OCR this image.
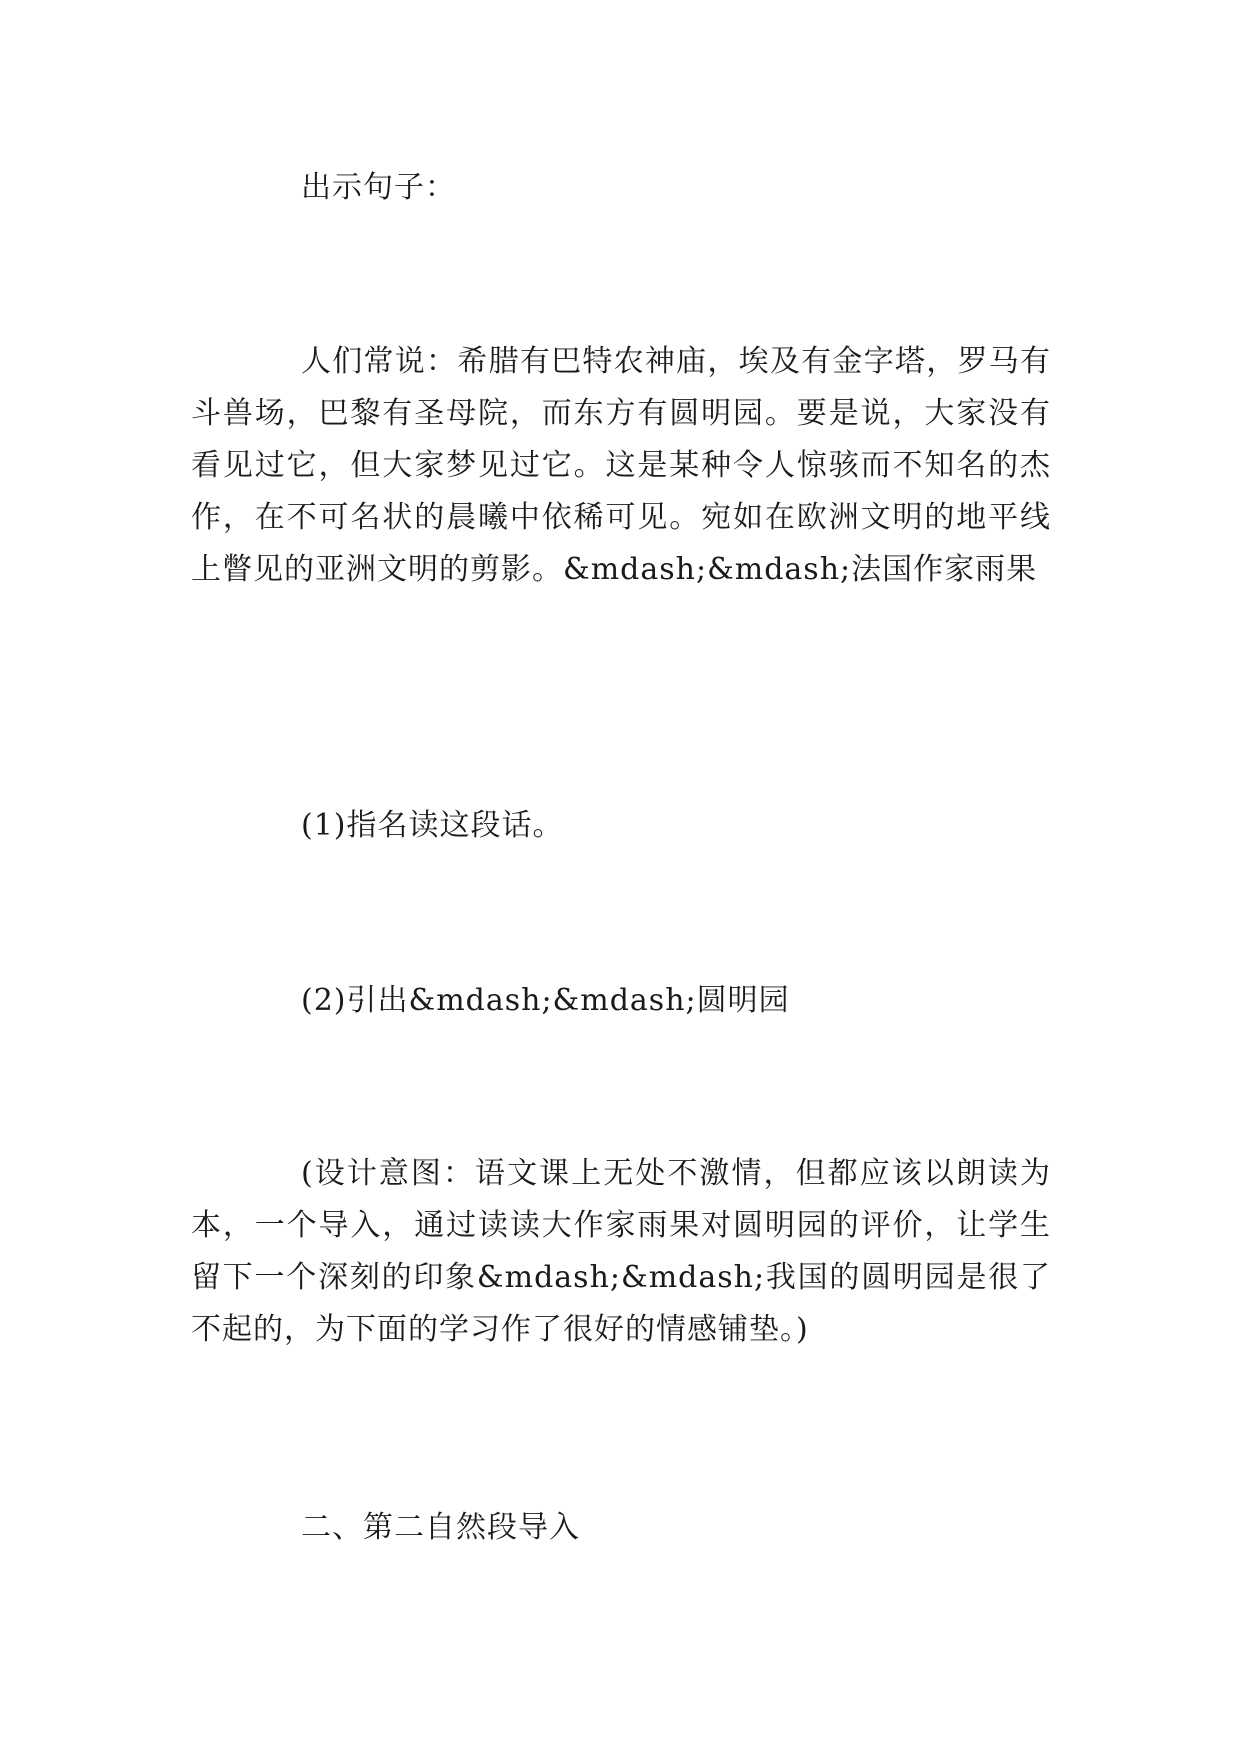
出示句子：

人们常说：希腊有巴特农神庙，埃及有金字塔，罗马有斗兽场，巴黎有圣母院，而东方有圆明园。要是说，大家没有看见过它，但大家梦见过它。这是某种令人惊骇而不知名的杰作，在不可名状的晨曦中依稀可见。宛如在欧洲文明的地平线上瞥见的亚洲文明的剪影。&mdash;&mdash;法国作家雨果

(1)指名读这段话。

(2)引出&mdash;&mdash;圆明园

(设计意图：语文课上无处不激情，但都应该以朗读为本，一个导入，通过读读大作家雨果对圆明园的评价，让学生留下一个深刻的印象&mdash;&mdash;我国的圆明园是很了不起的，为下面的学习作了很好的情感铺垫。)

二、第二自然段导入
